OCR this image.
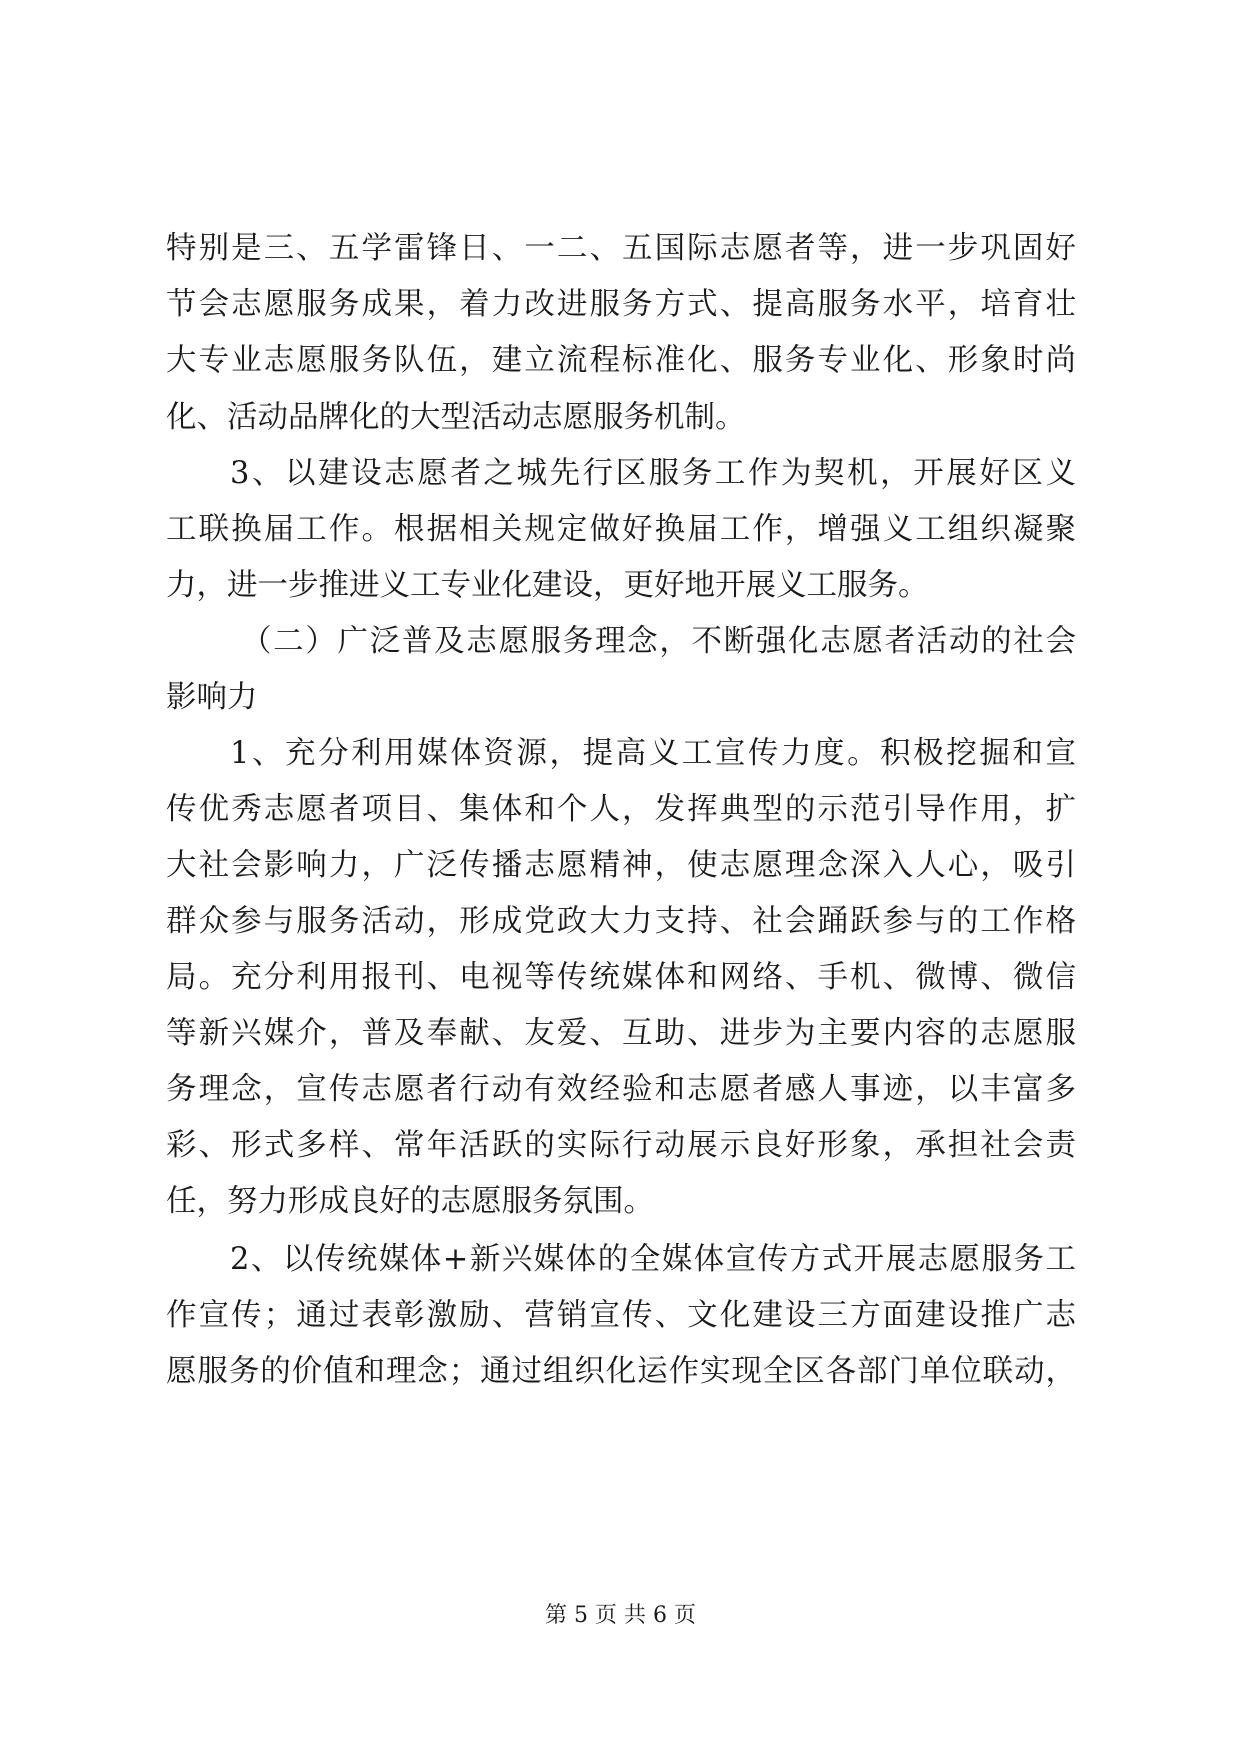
特别是三、五学雷锋日、一二、五国际志愿者等，进一步巩固好
节会志愿服务成果，着力改进服务方式、提高服务水平，培育壮
大专业志愿服务队伍，建立流程标准化、服务专业化、形象时尚
化、活动品牌化的大型活动志愿服务机制。
3、以建设志愿者之城先行区服务工作为契机，开展好区义
工联换届工作。根据相关规定做好换届工作，增强义工组织凝聚
力，进一步推进义工专业化建设，更好地开展义工服务。
（二）广泛普及志愿服务理念，不断强化志愿者活动的社会
影响力
1、充分利用媒体资源，提高义工宣传力度。积极挖掘和宣
传优秀志愿者项目、集体和个人，发挥典型的示范引导作用，扩
大社会影响力，广泛传播志愿精神，使志愿理念深入人心，吸引
群众参与服务活动，形成党政大力支持、社会踊跃参与的工作格
局。充分利用报刊、电视等传统媒体和网络、手机、微博、微信
等新兴媒介，普及奉献、友爱、互助、进步为主要内容的志愿服
务理念，宣传志愿者行动有效经验和志愿者感人事迹，以丰富多
彩、形式多样、常年活跃的实际行动展示良好形象，承担社会责
任，努力形成良好的志愿服务氛围。
2、以传统媒体+新兴媒体的全媒体宣传方式开展志愿服务工
作宣传；通过表彰激励、营销宣传、文化建设三方面建设推广志
愿服务的价值和理念；通过组织化运作实现全区各部门单位联动，
第 5 页 共 6 页
